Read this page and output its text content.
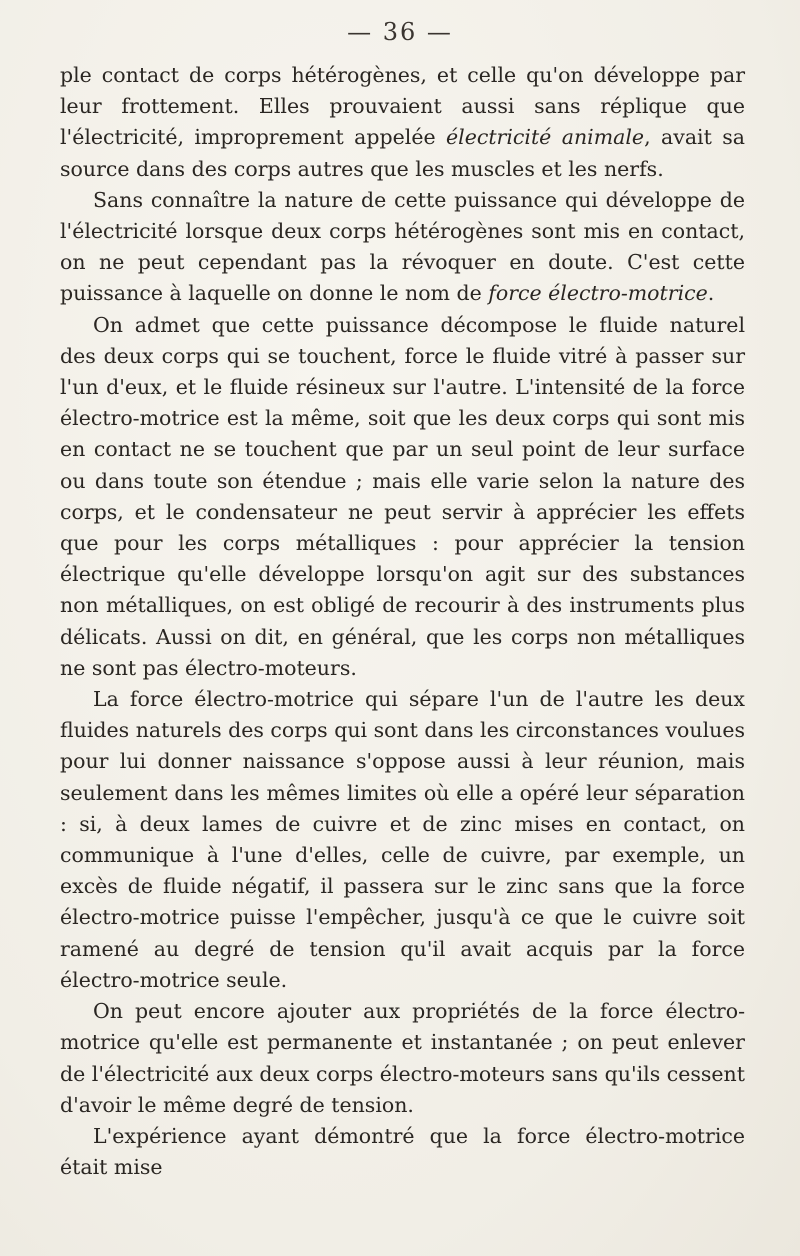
— 36 —

ple contact de corps hétérogènes, et celle qu'on développe par leur frottement. Elles prouvaient aussi sans réplique que l'électricité, improprement appelée électricité animale, avait sa source dans des corps autres que les muscles et les nerfs.

Sans connaître la nature de cette puissance qui développe de l'électricité lorsque deux corps hétérogènes sont mis en contact, on ne peut cependant pas la révoquer en doute. C'est cette puissance à laquelle on donne le nom de force électro-motrice.

On admet que cette puissance décompose le fluide naturel des deux corps qui se touchent, force le fluide vitré à passer sur l'un d'eux, et le fluide résineux sur l'autre. L'intensité de la force électro-motrice est la même, soit que les deux corps qui sont mis en contact ne se touchent que par un seul point de leur surface ou dans toute son étendue ; mais elle varie selon la nature des corps, et le condensateur ne peut servir à apprécier les effets que pour les corps métalliques : pour apprécier la tension électrique qu'elle développe lorsqu'on agit sur des substances non métalliques, on est obligé de recourir à des instruments plus délicats. Aussi on dit, en général, que les corps non métalliques ne sont pas électro-moteurs.

La force électro-motrice qui sépare l'un de l'autre les deux fluides naturels des corps qui sont dans les circonstances voulues pour lui donner naissance s'oppose aussi à leur réunion, mais seulement dans les mêmes limites où elle a opéré leur séparation : si, à deux lames de cuivre et de zinc mises en contact, on communique à l'une d'elles, celle de cuivre, par exemple, un excès de fluide négatif, il passera sur le zinc sans que la force électro-motrice puisse l'empêcher, jusqu'à ce que le cuivre soit ramené au degré de tension qu'il avait acquis par la force électro-motrice seule.

On peut encore ajouter aux propriétés de la force électro-motrice qu'elle est permanente et instantanée ; on peut enlever de l'électricité aux deux corps électro-moteurs sans qu'ils cessent d'avoir le même degré de tension.

L'expérience ayant démontré que la force électro-motrice était mise
